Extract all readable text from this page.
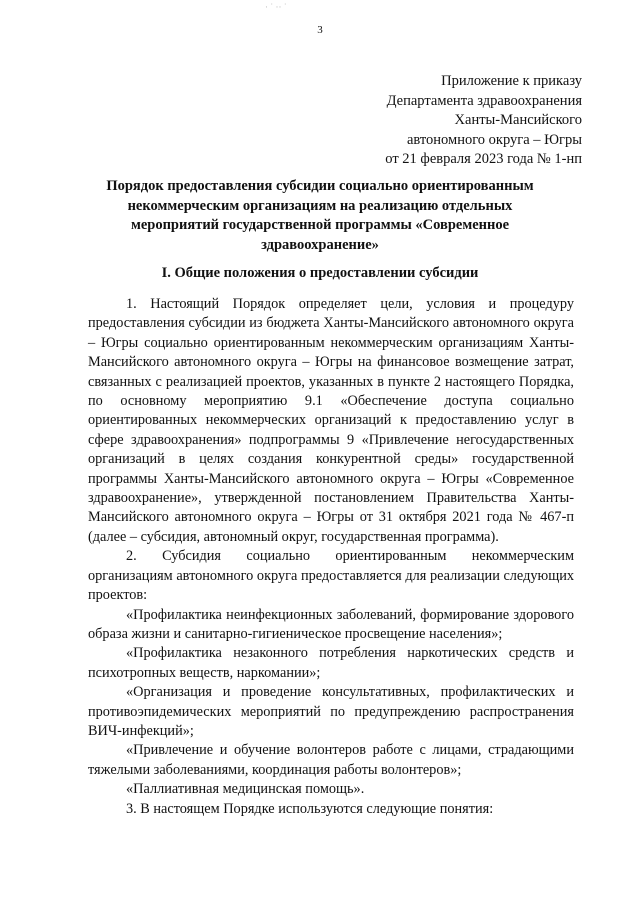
· ˙ ·· ˙
3
Приложение к приказу
Департамента здравоохранения
Ханты-Мансийского
автономного округа – Югры
от 21 февраля 2023 года № 1-нп
Порядок предоставления субсидии социально ориентированным некоммерческим организациям на реализацию отдельных мероприятий государственной программы «Современное здравоохранение»
I. Общие положения о предоставлении субсидии

1. Настоящий Порядок определяет цели, условия и процедуру предоставления субсидии из бюджета Ханты-Мансийского автономного округа – Югры социально ориентированным некоммерческим организациям Ханты-Мансийского автономного округа – Югры на финансовое возмещение затрат, связанных с реализацией проектов, указанных в пункте 2 настоящего Порядка, по основному мероприятию 9.1 «Обеспечение доступа социально ориентированных некоммерческих организаций к предоставлению услуг в сфере здравоохранения» подпрограммы 9 «Привлечение негосударственных организаций в целях создания конкурентной среды» государственной программы Ханты-Мансийского автономного округа – Югры «Современное здравоохранение», утвержденной постановлением Правительства Ханты-Мансийского автономного округа – Югры от 31 октября 2021 года № 467-п (далее – субсидия, автономный округ, государственная программа).

2. Субсидия социально ориентированным некоммерческим организациям автономного округа предоставляется для реализации следующих проектов:

«Профилактика неинфекционных заболеваний, формирование здорового образа жизни и санитарно-гигиеническое просвещение населения»;

«Профилактика незаконного потребления наркотических средств и психотропных веществ, наркомании»;

«Организация и проведение консультативных, профилактических и противоэпидемических мероприятий по предупреждению распространения ВИЧ-инфекций»;

«Привлечение и обучение волонтеров работе с лицами, страдающими тяжелыми заболеваниями, координация работы волонтеров»;

«Паллиативная медицинская помощь».

3. В настоящем Порядке используются следующие понятия:
